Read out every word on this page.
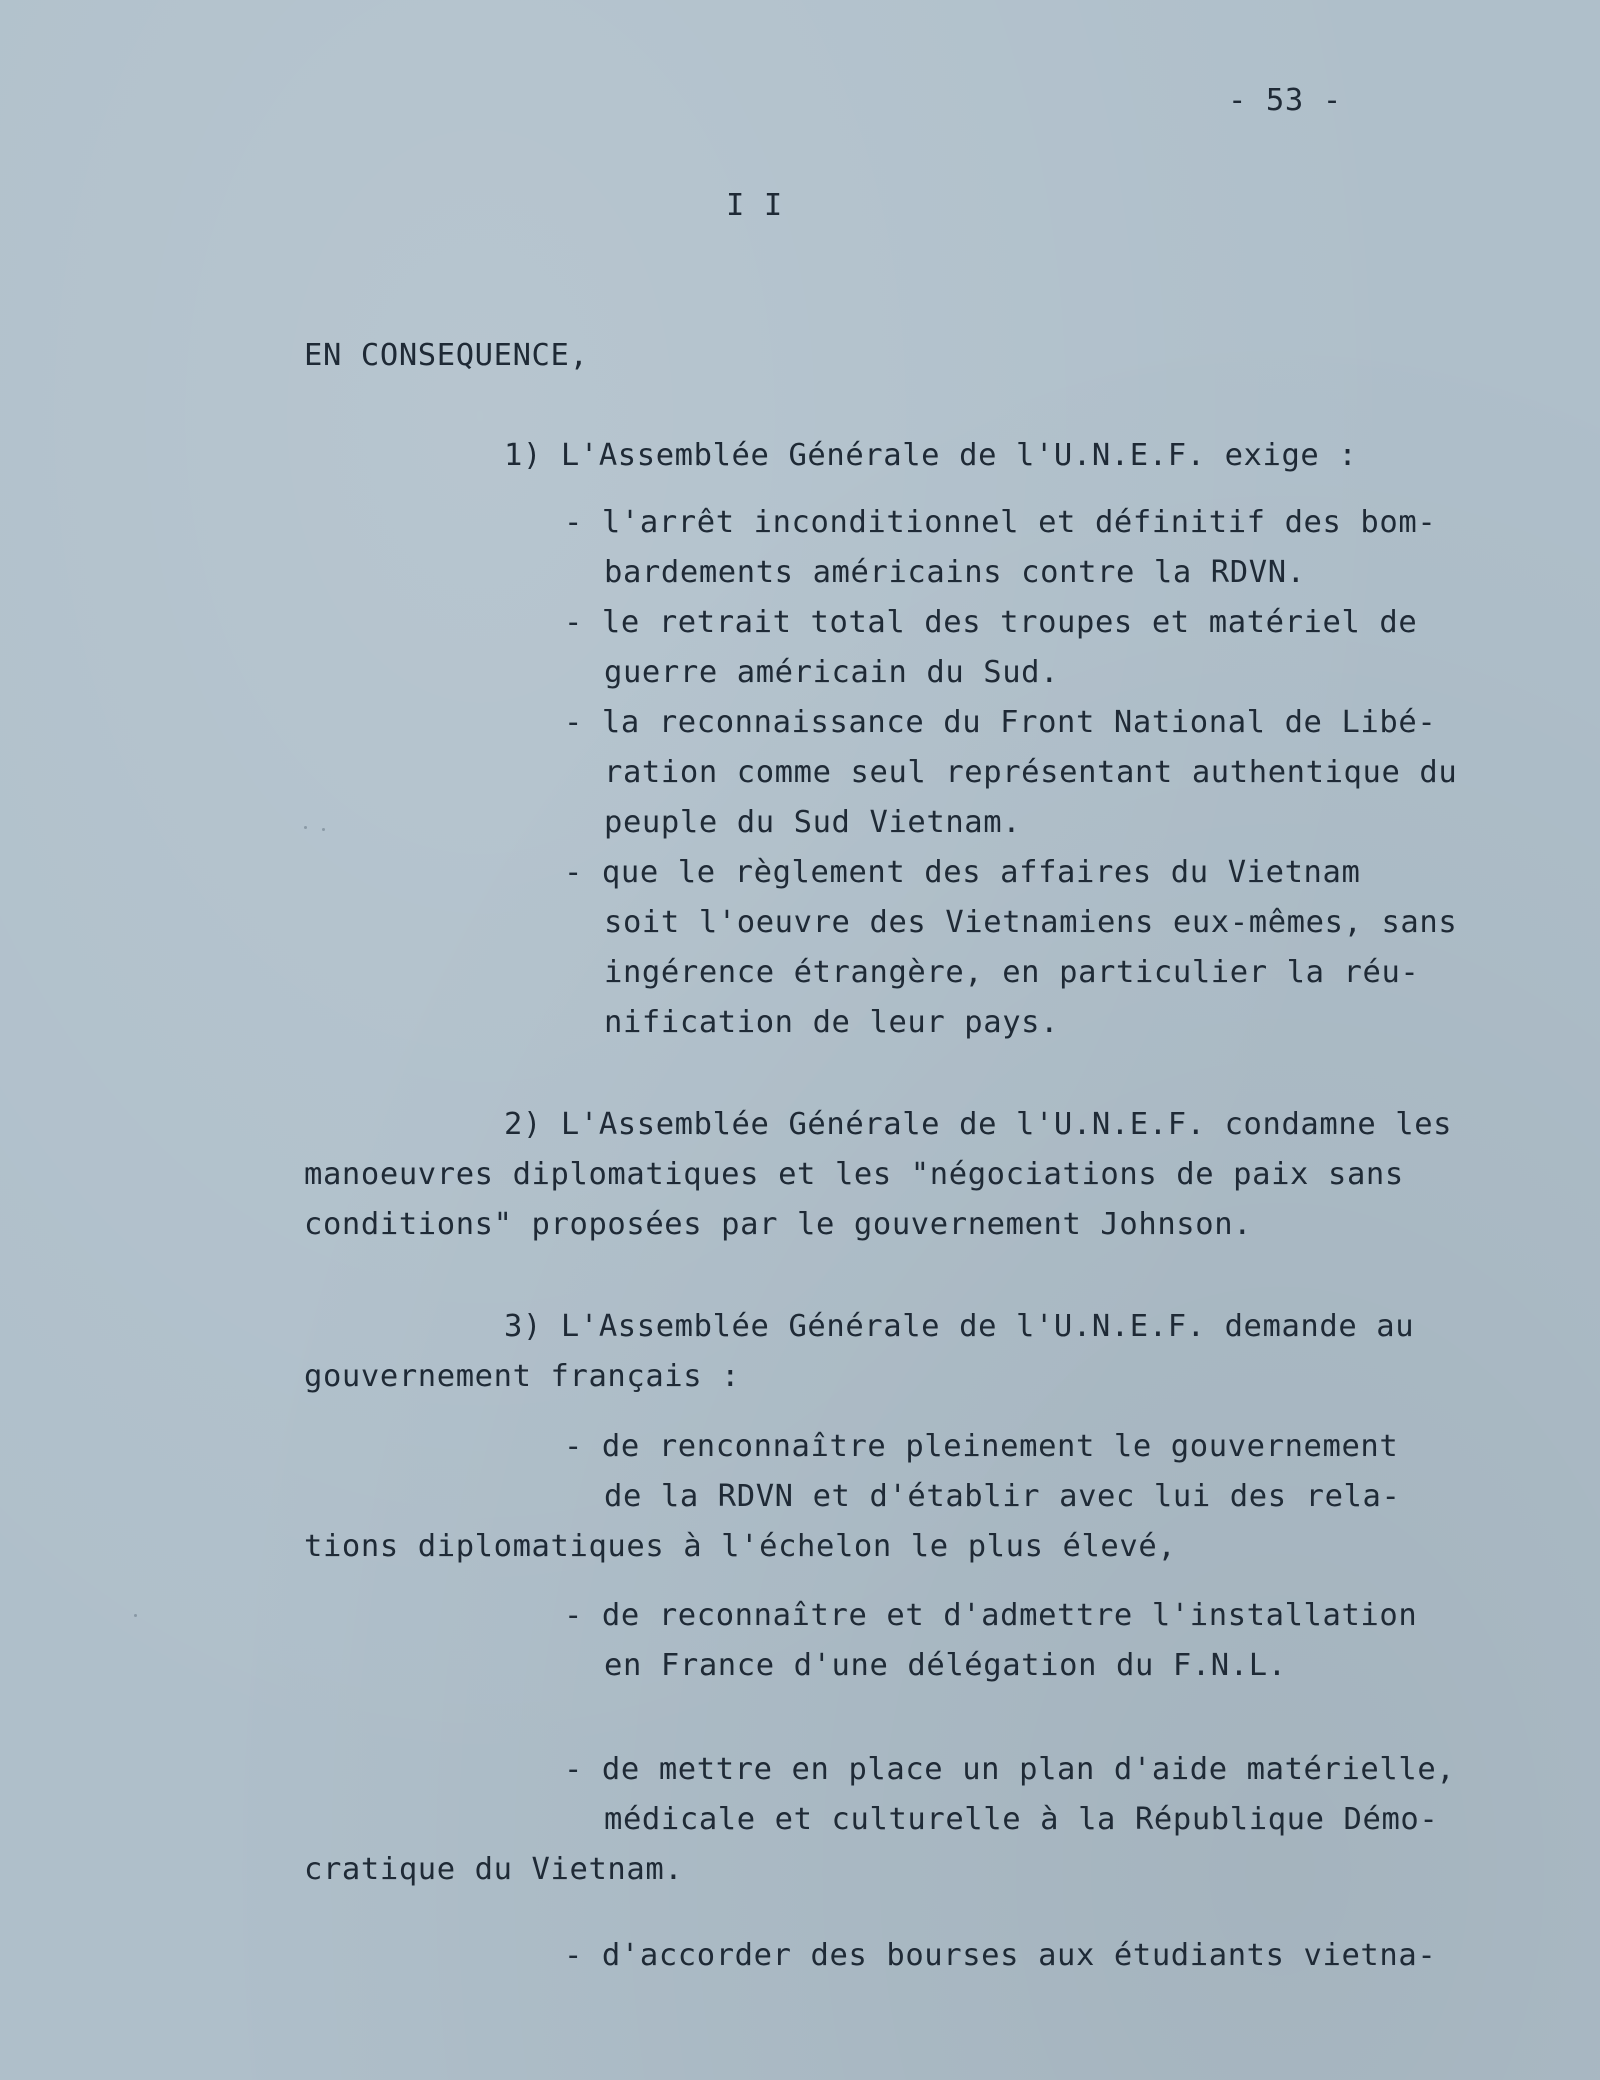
- 53 -
I I
EN CONSEQUENCE,
1) L'Assemblée Générale de l'U.N.E.F. exige :
- l'arrêt inconditionnel et définitif des bom-
bardements américains contre la RDVN.
- le retrait total des troupes et matériel de
guerre américain du Sud.
- la reconnaissance du Front National de Libé-
ration comme seul représentant authentique du
peuple du Sud Vietnam.
- que le règlement des affaires du Vietnam
soit l'oeuvre des Vietnamiens eux-mêmes, sans
ingérence étrangère, en particulier la réu-
nification de leur pays.
2) L'Assemblée Générale de l'U.N.E.F. condamne les
manoeuvres diplomatiques et les "négociations de paix sans
conditions" proposées par le gouvernement Johnson.
3) L'Assemblée Générale de l'U.N.E.F. demande au
gouvernement français :
- de renconnaître pleinement le gouvernement
de la RDVN et d'établir avec lui des rela-
tions diplomatiques à l'échelon le plus élevé,
- de reconnaître et d'admettre l'installation
en France d'une délégation du F.N.L.
- de mettre en place un plan d'aide matérielle,
médicale et culturelle à la République Démo-
cratique du Vietnam.
- d'accorder des bourses aux étudiants vietna-
